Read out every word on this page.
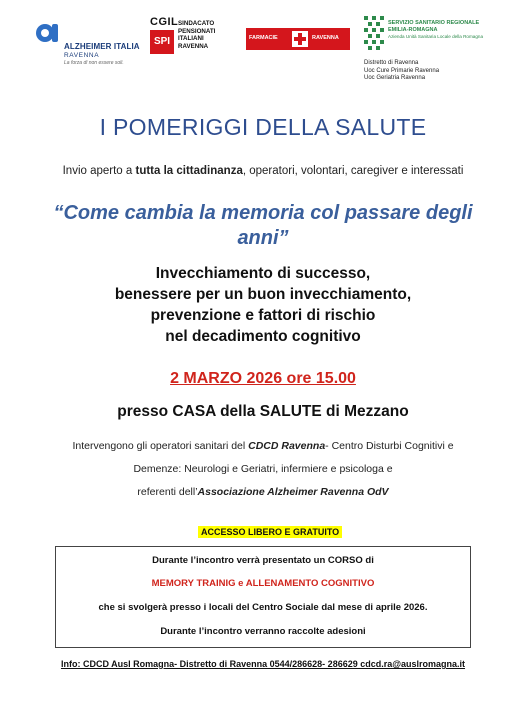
ALZHEIMER ITALIA
RAVENNA
La forza di non essere soli.
CGIL
SPI
SINDACATO
PENSIONATI
ITALIANI
RAVENNA
FARMACIE	RAVENNA
SERVIZIO SANITARIO REGIONALE
EMILIA-ROMAGNA
Azienda Unità Sanitaria Locale della Romagna
Distretto di Ravenna
Uoc Cure Primarie Ravenna
Uoc Geriatria Ravenna
I POMERIGGI DELLA SALUTE
Invio aperto a tutta la cittadinanza, operatori, volontari, caregiver e interessati
“Come cambia la memoria col passare degli anni”
Invecchiamento di successo,
benessere per un buon invecchiamento,
prevenzione e fattori di rischio
nel decadimento cognitivo
2 MARZO 2026 ore 15.00
presso CASA della SALUTE di Mezzano
Intervengono gli operatori sanitari del CDCD Ravenna- Centro Disturbi Cognitivi e
Demenze: Neurologi e Geriatri, infermiere e psicologa e
referenti dell’Associazione Alzheimer Ravenna OdV
ACCESSO LIBERO E GRATUITO
Durante l’incontro verrà presentato un CORSO di
MEMORY TRAINIG e ALLENAMENTO COGNITIVO
che si svolgerà presso i locali del Centro Sociale dal mese di aprile 2026.
Durante l’incontro verranno raccolte adesioni
Info: CDCD Ausl Romagna- Distretto di Ravenna 0544/286628- 286629 cdcd.ra@auslromagna.it
